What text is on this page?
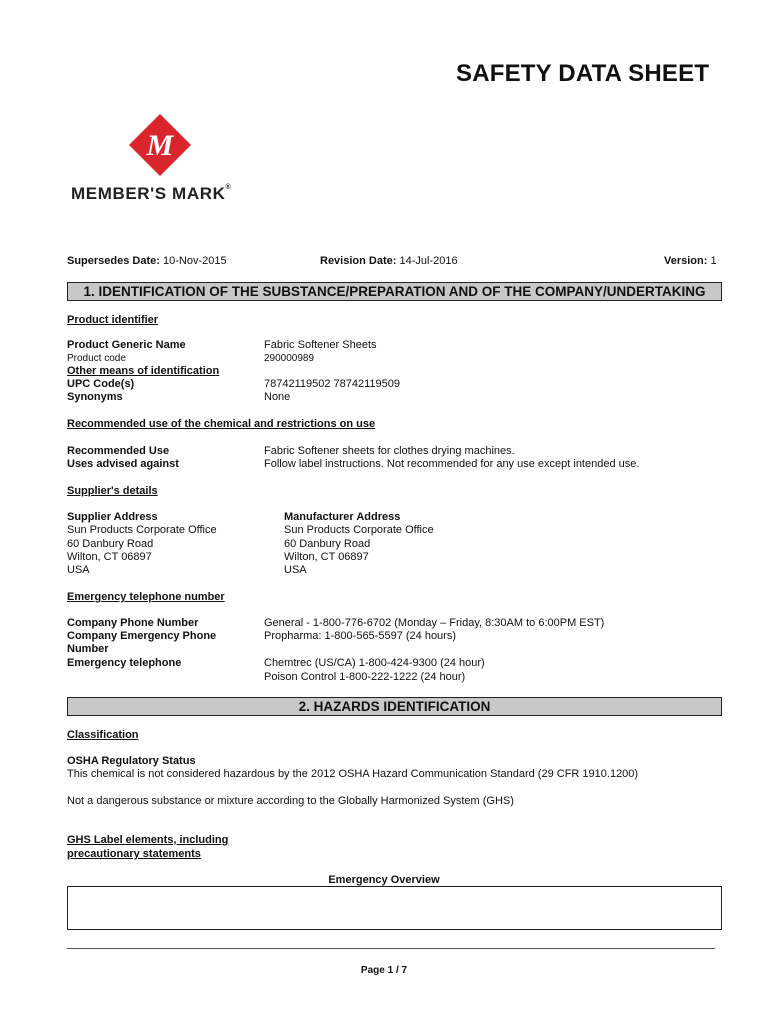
SAFETY DATA SHEET
M
MEMBER'S MARK®
Supersedes Date: 10-Nov-2015	Revision Date: 14-Jul-2016	Version: 1
1. IDENTIFICATION OF THE SUBSTANCE/PREPARATION AND OF THE COMPANY/UNDERTAKING
Product identifier
Product Generic Name	Fabric Softener Sheets
Product code	290000989
Other means of identification
UPC Code(s)	78742119502 78742119509
Synonyms	None
Recommended use of the chemical and restrictions on use
Recommended Use	Fabric Softener sheets for clothes drying machines.
Uses advised against	Follow label instructions. Not recommended for any use except intended use.
Supplier's details
Supplier Address
Sun Products Corporate Office
60 Danbury Road
Wilton, CT 06897
USA
Manufacturer Address
Sun Products Corporate Office
60 Danbury Road
Wilton, CT 06897
USA
Emergency telephone number
Company Phone Number	General - 1-800-776-6702 (Monday – Friday, 8:30AM to 6:00PM EST)
Company Emergency Phone
Number
Propharma: 1-800-565-5597 (24 hours)
Emergency telephone	Chemtrec (US/CA) 1-800-424-9300 (24 hour)
Poison Control 1-800-222-1222 (24 hour)
2. HAZARDS IDENTIFICATION
Classification
OSHA Regulatory Status
This chemical is not considered hazardous by the 2012 OSHA Hazard Communication Standard (29 CFR 1910.1200)
Not a dangerous substance or mixture according to the Globally Harmonized System (GHS)
GHS Label elements, including
precautionary statements
Emergency Overview
Page 1 / 7
